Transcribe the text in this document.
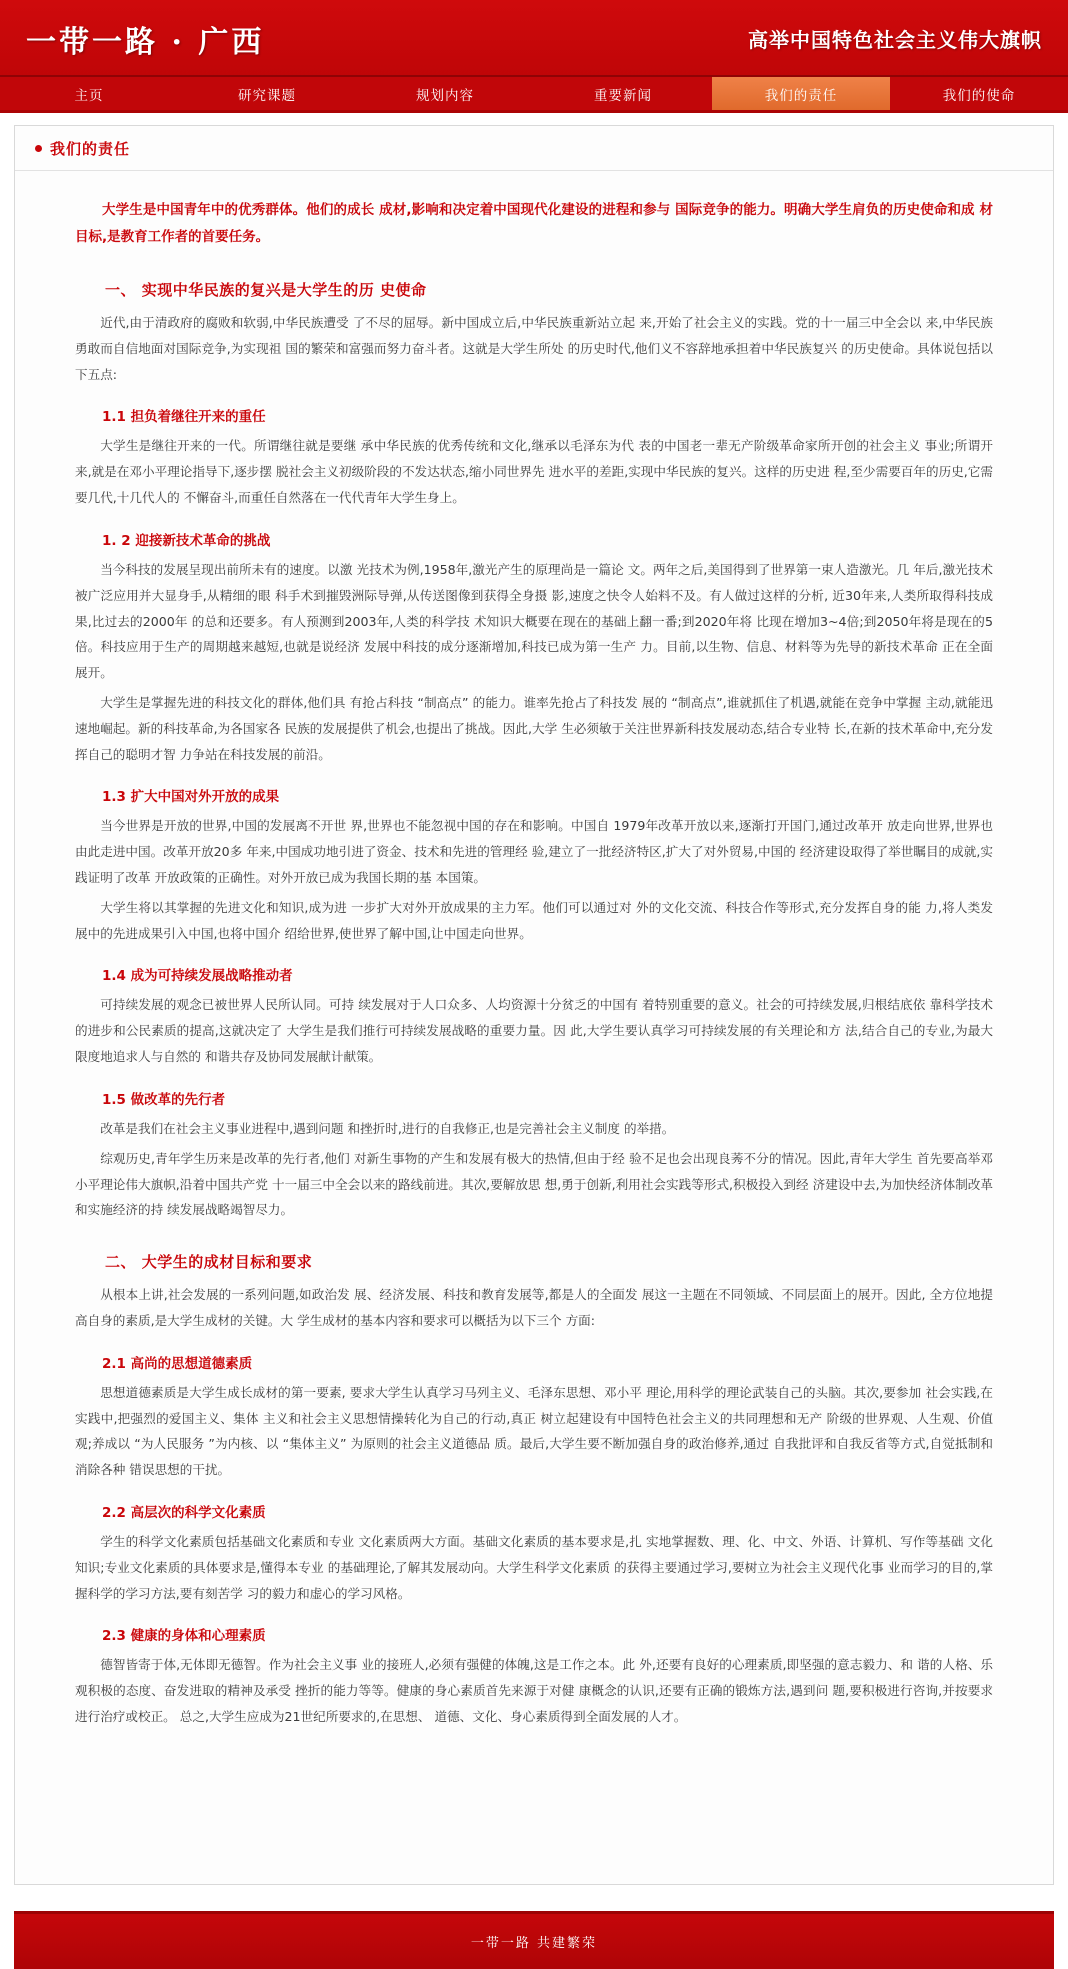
一带一路 · 广西	高举中国特色社会主义伟大旗帜
主页	研究课题	规划内容	重要新闻	我们的责任	我们的使命
我们的责任

大学生是中国青年中的优秀群体。他们的成长 成材,影响和决定着中国现代化建设的进程和参与 国际竞争的能力。明确大学生肩负的历史使命和成 材目标,是教育工作者的首要任务。

一、 实现中华民族的复兴是大学生的历 史使命

近代,由于清政府的腐败和软弱,中华民族遭受 了不尽的屈辱。新中国成立后,中华民族重新站立起 来,开始了社会主义的实践。党的十一届三中全会以 来,中华民族勇敢而自信地面对国际竞争,为实现祖 国的繁荣和富强而努力奋斗者。这就是大学生所处 的历史时代,他们义不容辞地承担着中华民族复兴 的历史使命。具体说包括以下五点:

1.1 担负着继往开来的重任

大学生是继往开来的一代。所谓继往就是要继 承中华民族的优秀传统和文化,继承以毛泽东为代 表的中国老一辈无产阶级革命家所开创的社会主义 事业;所谓开来,就是在邓小平理论指导下,逐步摆 脱社会主义初级阶段的不发达状态,缩小同世界先 进水平的差距,实现中华民族的复兴。这样的历史进 程,至少需要百年的历史,它需要几代,十几代人的 不懈奋斗,而重任自然落在一代代青年大学生身上。

1. 2 迎接新技术革命的挑战

当今科技的发展呈现出前所未有的速度。以激 光技术为例,1958年,激光产生的原理尚是一篇论 文。两年之后,美国得到了世界第一束人造激光。几 年后,激光技术被广泛应用并大显身手,从精细的眼 科手术到摧毁洲际导弹,从传送图像到获得全身摄 影,速度之快令人始料不及。有人做过这样的分析, 近30年来,人类所取得科技成果,比过去的2000年 的总和还要多。有人预测到2003年,人类的科学技 术知识大概要在现在的基础上翻一番;到2020年将 比现在增加3~4倍;到2050年将是现在的5 倍。科技应用于生产的周期越来越短,也就是说经济 发展中科技的成分逐渐增加,科技已成为第一生产 力。目前,以生物、信息、材料等为先导的新技术革命 正在全面展开。

大学生是掌握先进的科技文化的群体,他们具 有抢占科技 “制高点” 的能力。谁率先抢占了科技发 展的 “制高点”,谁就抓住了机遇,就能在竞争中掌握 主动,就能迅速地崛起。新的科技革命,为各国家各 民族的发展提供了机会,也提出了挑战。因此,大学 生必须敏于关注世界新科技发展动态,结合专业特 长,在新的技术革命中,充分发挥自己的聪明才智 力争站在科技发展的前沿。

1.3 扩大中国对外开放的成果

当今世界是开放的世界,中国的发展离不开世 界,世界也不能忽视中国的存在和影响。中国自 1979年改革开放以来,逐渐打开国门,通过改革开 放走向世界,世界也由此走进中国。改革开放20多 年来,中国成功地引进了资金、技术和先进的管理经 验,建立了一批经济特区,扩大了对外贸易,中国的 经济建设取得了举世瞩目的成就,实践证明了改革 开放政策的正确性。对外开放已成为我国长期的基 本国策。

大学生将以其掌握的先进文化和知识,成为进 一步扩大对外开放成果的主力军。他们可以通过对 外的文化交流、科技合作等形式,充分发挥自身的能 力,将人类发展中的先进成果引入中国,也将中国介 绍给世界,使世界了解中国,让中国走向世界。

1.4 成为可持续发展战略推动者

可持续发展的观念已被世界人民所认同。可持 续发展对于人口众多、人均资源十分贫乏的中国有 着特别重要的意义。社会的可持续发展,归根结底依 靠科学技术的进步和公民素质的提高,这就决定了 大学生是我们推行可持续发展战略的重要力量。因 此,大学生要认真学习可持续发展的有关理论和方 法,结合自己的专业,为最大限度地追求人与自然的 和谐共存及协同发展献计献策。

1.5 做改革的先行者

改革是我们在社会主义事业进程中,遇到问题 和挫折时,进行的自我修正,也是完善社会主义制度 的举措。

综观历史,青年学生历来是改革的先行者,他们 对新生事物的产生和发展有极大的热情,但由于经 验不足也会出现良莠不分的情况。因此,青年大学生 首先要高举邓小平理论伟大旗帜,沿着中国共产党 十一届三中全会以来的路线前进。其次,要解放思 想,勇于创新,利用社会实践等形式,积极投入到经 济建设中去,为加快经济体制改革和实施经济的持 续发展战略竭智尽力。

二、 大学生的成材目标和要求

从根本上讲,社会发展的一系列问题,如政治发 展、经济发展、科技和教育发展等,都是人的全面发 展这一主题在不同领域、不同层面上的展开。因此, 全方位地提高自身的素质,是大学生成材的关键。大 学生成材的基本内容和要求可以概括为以下三个 方面:

2.1 高尚的思想道德素质

思想道德素质是大学生成长成材的第一要素, 要求大学生认真学习马列主义、毛泽东思想、邓小平 理论,用科学的理论武装自己的头脑。其次,要参加 社会实践,在实践中,把强烈的爱国主义、集体 主义和社会主义思想情操转化为自己的行动,真正 树立起建设有中国特色社会主义的共同理想和无产 阶级的世界观、人生观、价值观;养成以 “为人民服务 ”为内核、以 “集体主义” 为原则的社会主义道德品 质。最后,大学生要不断加强自身的政治修养,通过 自我批评和自我反省等方式,自觉抵制和消除各种 错误思想的干扰。

2.2 高层次的科学文化素质

学生的科学文化素质包括基础文化素质和专业 文化素质两大方面。基础文化素质的基本要求是,扎 实地掌握数、理、化、中文、外语、计算机、写作等基础 文化知识;专业文化素质的具体要求是,懂得本专业 的基础理论,了解其发展动向。大学生科学文化素质 的获得主要通过学习,要树立为社会主义现代化事 业而学习的目的,掌握科学的学习方法,要有刻苦学 习的毅力和虚心的学习风格。

2.3 健康的身体和心理素质

德智皆寄于体,无体即无德智。作为社会主义事 业的接班人,必须有强健的体魄,这是工作之本。此 外,还要有良好的心理素质,即坚强的意志毅力、和 谐的人格、乐观积极的态度、奋发进取的精神及承受 挫折的能力等等。健康的身心素质首先来源于对健 康概念的认识,还要有正确的锻炼方法,遇到问 题,要积极进行咨询,并按要求进行治疗或校正。 总之,大学生应成为21世纪所要求的,在思想、 道德、文化、身心素质得到全面发展的人才。

一带一路 共建繁荣
